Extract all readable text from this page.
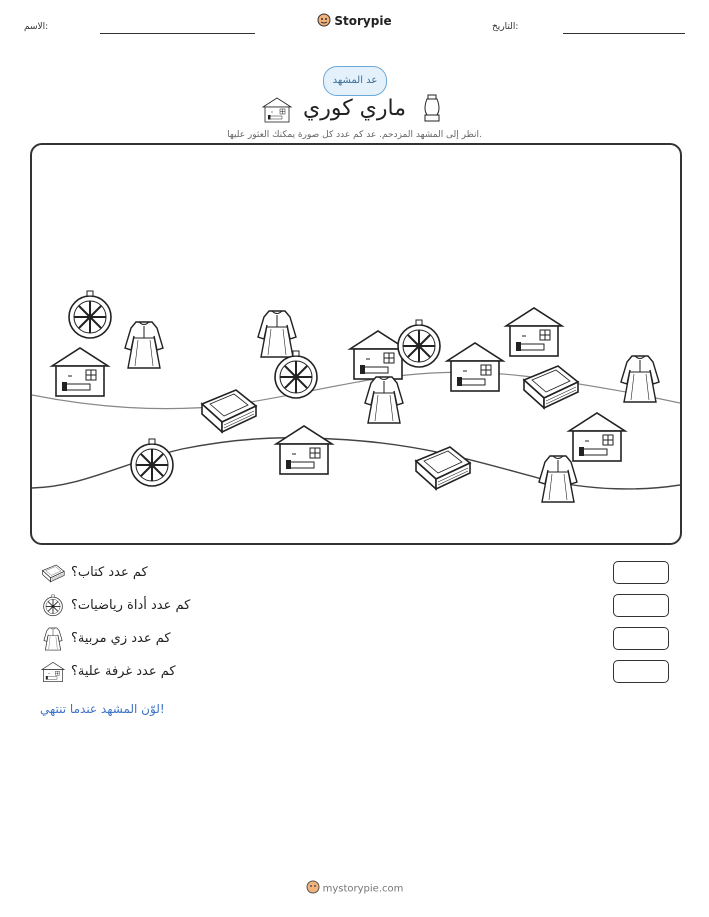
الاسم:	Storypie	التاريخ:
عد المشهد
ماري كوري
انظر إلى المشهد المزدحم. عد كم عدد كل صورة يمكنك العثور عليها.
كم عدد كتاب؟
كم عدد أداة رياضيات؟
كم عدد زي مربية؟
كم عدد غرفة علية؟
لوّن المشهد عندما تنتهي!
mystorypie.com
